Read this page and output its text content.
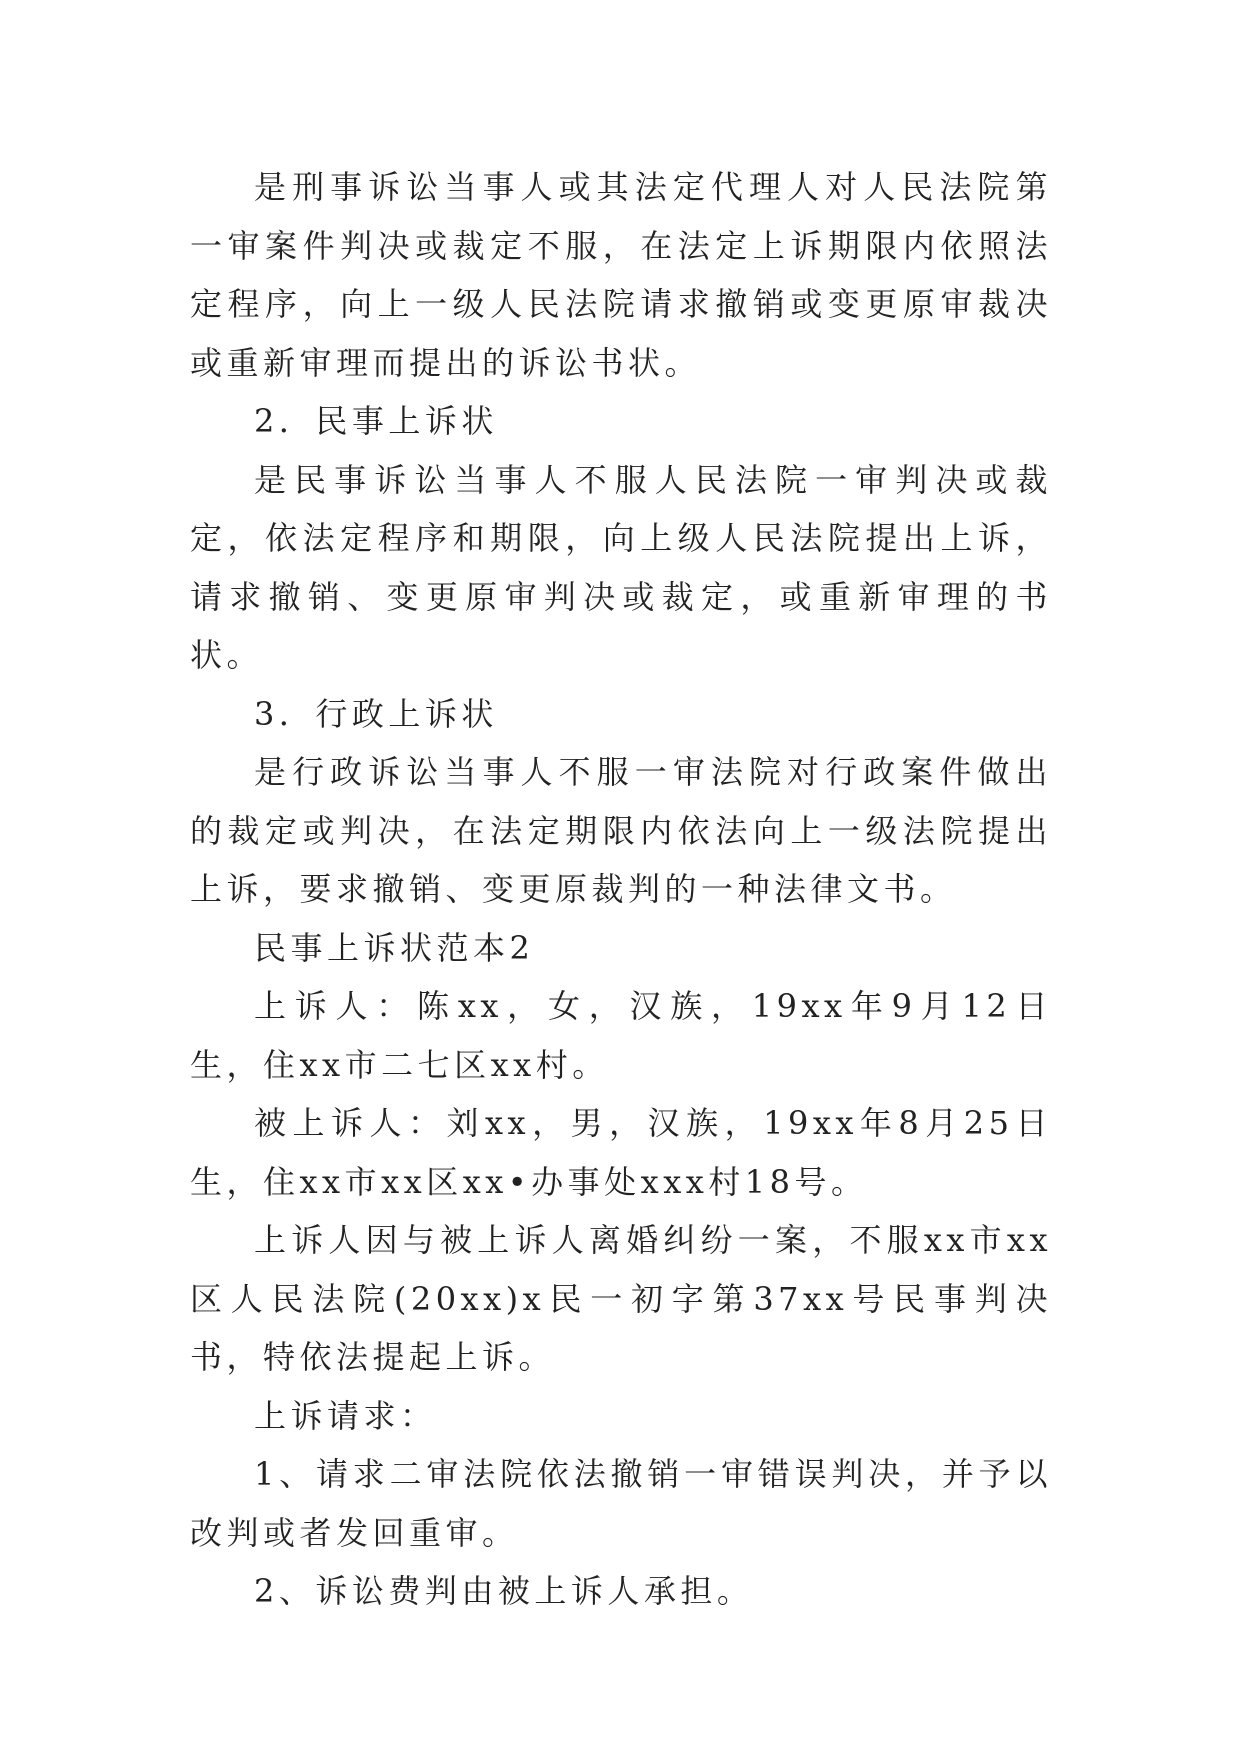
是刑事诉讼当事人或其法定代理人对人民法院第一审案件判决或裁定不服，在法定上诉期限内依照法定程序，向上一级人民法院请求撤销或变更原审裁决或重新审理而提出的诉讼书状。

2．民事上诉状

是民事诉讼当事人不服人民法院一审判决或裁定，依法定程序和期限，向上级人民法院提出上诉，请求撤销、变更原审判决或裁定，或重新审理的书状。

3．行政上诉状

是行政诉讼当事人不服一审法院对行政案件做出的裁定或判决，在法定期限内依法向上一级法院提出上诉，要求撤销、变更原裁判的一种法律文书。

民事上诉状范本2

上诉人：陈xx，女，汉族，19xx年9月12日生，住xx市二七区xx村。

被上诉人：刘xx，男，汉族，19xx年8月25日生，住xx市xx区xx•办事处xxx村18号。

上诉人因与被上诉人离婚纠纷一案，不服xx市xx区人民法院(20xx)x民一初字第37xx号民事判决书，特依法提起上诉。

上诉请求：

1、请求二审法院依法撤销一审错误判决，并予以改判或者发回重审。

2、诉讼费判由被上诉人承担。
